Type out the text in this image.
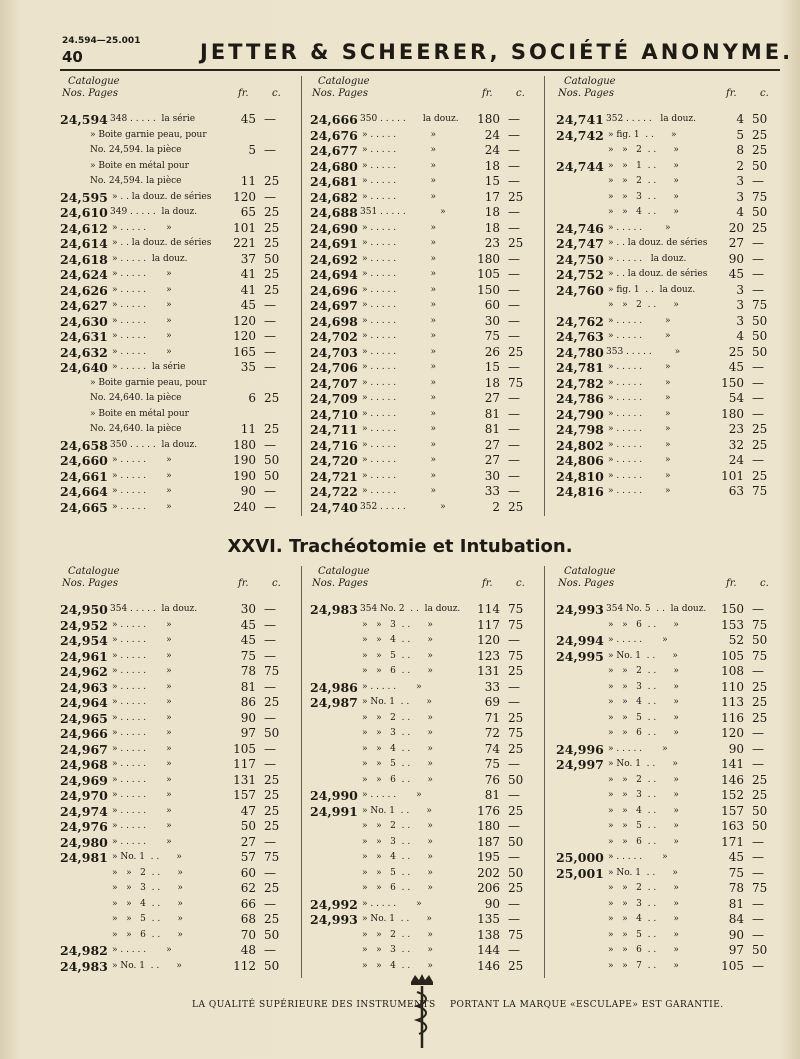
24.594—25.001
40	JETTER & SCHEERER, SOCIÉTÉ ANONYME.
XXVI. Trachéotomie et Intubation.
Catalogue
Nos. Pages	fr. c.
24,594 348 . . . . .  la série	45 —
» Boite garnie peau, pour
No. 24,594. la pièce	5 —
» Boite en métal pour
No. 24,594. la pièce	11 25
24,595 » . . la douz. de séries	120 —
24,610 349 . . . . .  la douz.	65 25
24,612 » . . . . .       »	101 25
24,614 » . . la douz. de séries	221 25
24,618 » . . . . .  la douz.	37 50
24,624 » . . . . .       »	41 25
24,626 » . . . . .       »	41 25
24,627 » . . . . .       »	45 —
24,630 » . . . . .       »	120 —
24,631 » . . . . .       »	120 —
24,632 » . . . . .       »	165 —
24,640 » . . . . .  la série	35 —
» Boite garnie peau, pour
No. 24,640. la pièce	6 25
» Boite en métal pour
No. 24,640. la pièce	11 25
24,658 350 . . . . .  la douz.	180 —
24,660 » . . . . .       »	190 50
24,661 » . . . . .       »	190 50
24,664 » . . . . .       »	90 —
24,665 » . . . . .       »	240 —
Catalogue
Nos. Pages	fr. c.
24,666 350 . . . . .      la douz.	180 —
24,676 » . . . . .            »	24 —
24,677 » . . . . .            »	24 —
24,680 » . . . . .            »	18 —
24,681 » . . . . .            »	15 —
24,682 » . . . . .            »	17 25
24,688 351 . . . . .            »	18 —
24,690 » . . . . .            »	18 —
24,691 » . . . . .            »	23 25
24,692 » . . . . .            »	180 —
24,694 » . . . . .            »	105 —
24,696 » . . . . .            »	150 —
24,697 » . . . . .            »	60 —
24,698 » . . . . .            »	30 —
24,702 » . . . . .            »	75 —
24,703 » . . . . .            »	26 25
24,706 » . . . . .            »	15 —
24,707 » . . . . .            »	18 75
24,709 » . . . . .            »	27 —
24,710 » . . . . .            »	81 —
24,711 » . . . . .            »	81 —
24,716 » . . . . .            »	27 —
24,720 » . . . . .            »	27 —
24,721 » . . . . .            »	30 —
24,722 » . . . . .            »	33 —
24,740 352 . . . . .            »	2 25
Catalogue
Nos. Pages	fr. c.
24,741 352 . . . . .   la douz.	4 50
24,742 » fig. 1  . .      »	5 25
»   »   2  . .      »	8 25
24,744 »   »   1  . .      »	2 50
»   »   2  . .      »	3 —
»   »   3  . .      »	3 75
»   »   4  . .      »	4 50
24,746 » . . . . .        »	20 25
24,747 » . . la douz. de séries	27 —
24,750 » . . . . .   la douz.	90 —
24,752 » . . la douz. de séries	45 —
24,760 » fig. 1  . .  la douz.	3 —
»   »   2  . .      »	3 75
24,762 » . . . . .        »	3 50
24,763 » . . . . .        »	4 50
24,780 353 . . . . .        »	25 50
24,781 » . . . . .        »	45 —
24,782 » . . . . .        »	150 —
24,786 » . . . . .        »	54 —
24,790 » . . . . .        »	180 —
24,798 » . . . . .        »	23 25
24,802 » . . . . .        »	32 25
24,806 » . . . . .        »	24 —
24,810 » . . . . .        »	101 25
24,816 » . . . . .        »	63 75
Catalogue
Nos. Pages	fr. c.
24,950 354 . . . . .  la douz.	30 —
24,952 » . . . . .       »	45 —
24,954 » . . . . .       »	45 —
24,961 » . . . . .       »	75 —
24,962 » . . . . .       »	78 75
24,963 » . . . . .       »	81 —
24,964 » . . . . .       »	86 25
24,965 » . . . . .       »	90 —
24,966 » . . . . .       »	97 50
24,967 » . . . . .       »	105 —
24,968 » . . . . .       »	117 —
24,969 » . . . . .       »	131 25
24,970 » . . . . .       »	157 25
24,974 » . . . . .       »	47 25
24,976 » . . . . .       »	50 25
24,980 » . . . . .       »	27 —
24,981 » No. 1  . .      »	57 75
»   »   2  . .      »	60 —
»   »   3  . .      »	62 25
»   »   4  . .      »	66 —
»   »   5  . .      »	68 25
»   »   6  . .      »	70 50
24,982 » . . . . .       »	48 —
24,983 » No. 1  . .      »	112 50
Catalogue
Nos. Pages	fr. c.
24,983 354 No. 2  . .  la douz.	114 75
»   »   3  . .      »	117 75
»   »   4  . .      »	120 —
»   »   5  . .      »	123 75
»   »   6  . .      »	131 25
24,986 » . . . . .       »	33 —
24,987 » No. 1  . .      »	69 —
»   »   2  . .      »	71 25
»   »   3  . .      »	72 75
»   »   4  . .      »	74 25
»   »   5  . .      »	75 —
»   »   6  . .      »	76 50
24,990 » . . . . .       »	81 —
24,991 » No. 1  . .      »	176 25
»   »   2  . .      »	180 —
»   »   3  . .      »	187 50
»   »   4  . .      »	195 —
»   »   5  . .      »	202 50
»   »   6  . .      »	206 25
24,992 » . . . . .       »	90 —
24,993 » No. 1  . .      »	135 —
»   »   2  . .      »	138 75
»   »   3  . .      »	144 —
»   »   4  . .      »	146 25
Catalogue
Nos. Pages	fr. c.
24,993 354 No. 5  . .  la douz.	150 —
»   »   6  . .      »	153 75
24,994 » . . . . .       »	52 50
24,995 » No. 1  . .      »	105 75
»   »   2  . .      »	108 —
»   »   3  . .      »	110 25
»   »   4  . .      »	113 25
»   »   5  . .      »	116 25
»   »   6  . .      »	120 —
24,996 » . . . . .       »	90 —
24,997 » No. 1  . .      »	141 —
»   »   2  . .      »	146 25
»   »   3  . .      »	152 25
»   »   4  . .      »	157 50
»   »   5  . .      »	163 50
»   »   6  . .      »	171 —
25,000 » . . . . .       »	45 —
25,001 » No. 1  . .      »	75 —
»   »   2  . .      »	78 75
»   »   3  . .      »	81 —
»   »   4  . .      »	84 —
»   »   5  . .      »	90 —
»   »   6  . .      »	97 50
»   »   7  . .      »	105 —
LA QUALITÉ SUPÉRIEURE DES INSTRUMENTS PORTANT LA MARQUE «ESCULAPE» EST GARANTIE.
